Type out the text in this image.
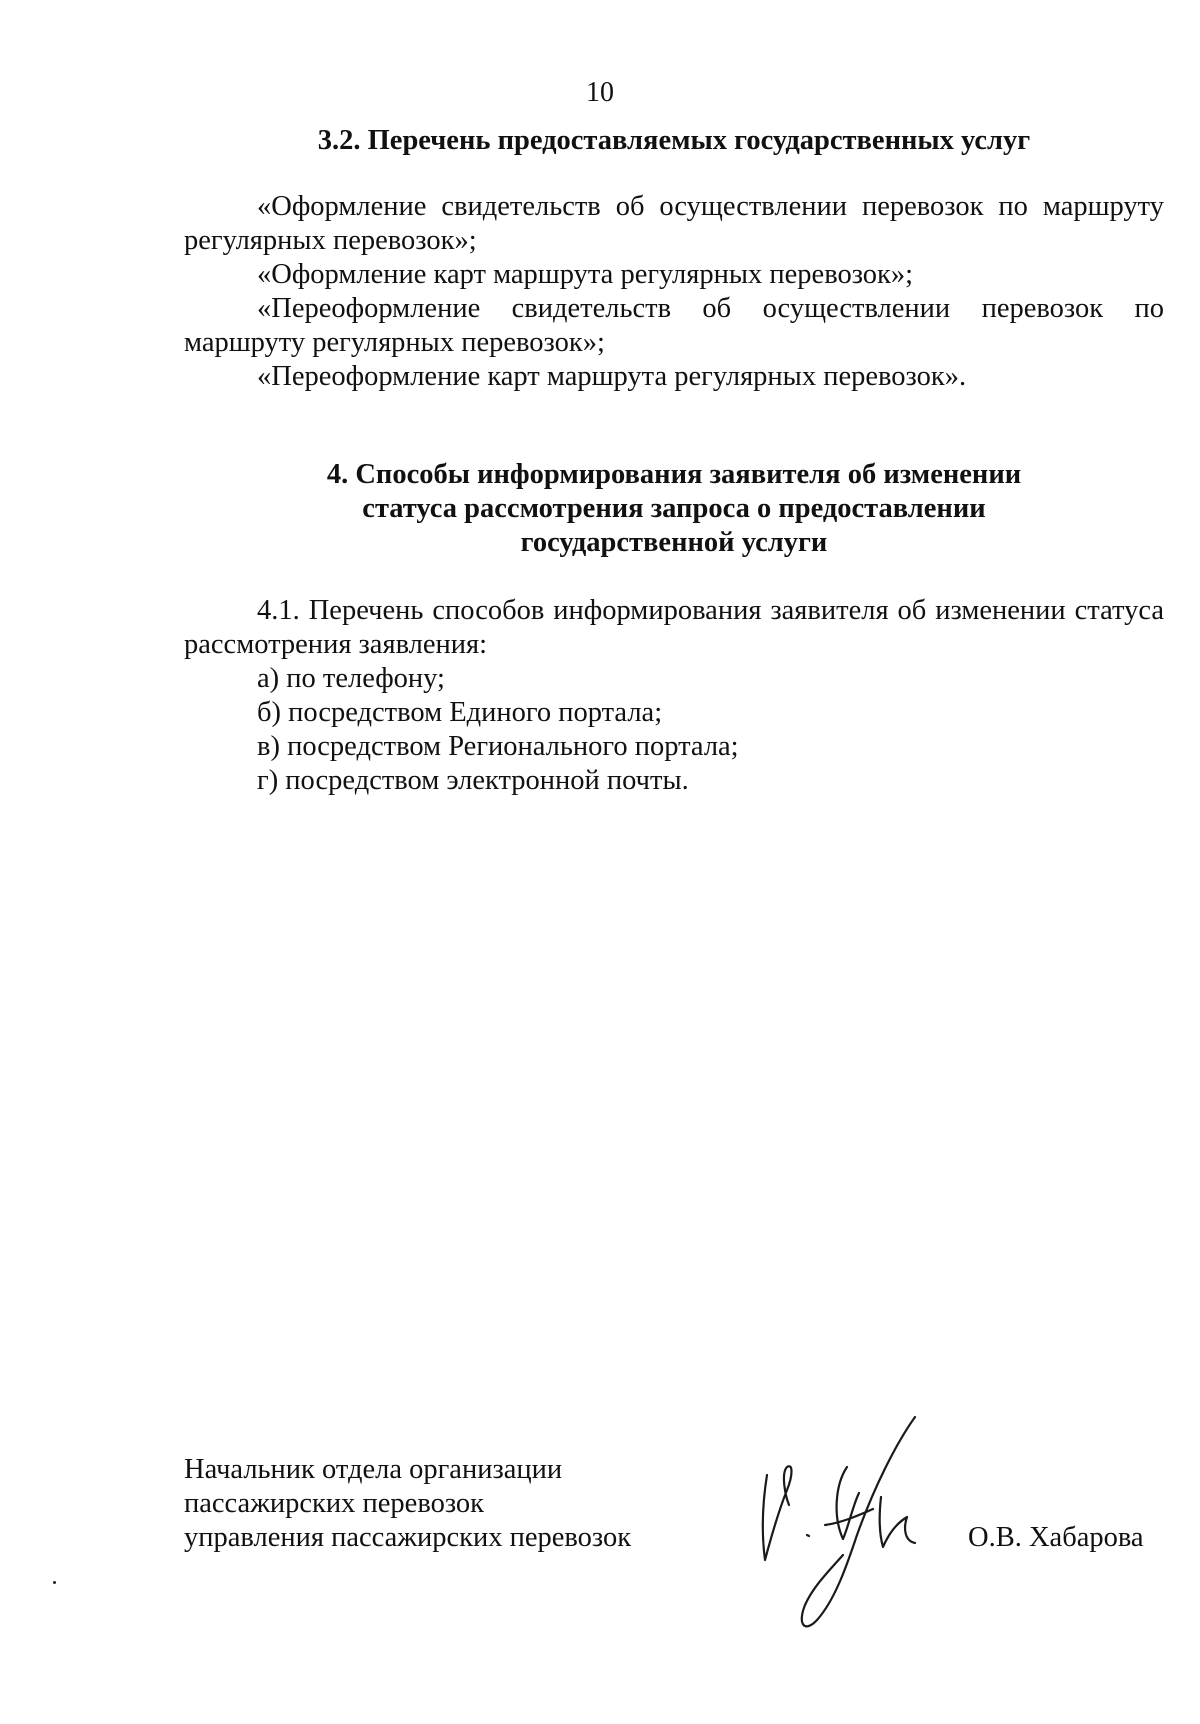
10
3.2. Перечень предоставляемых государственных услуг

«Оформление свидетельств об осуществлении перевозок по маршруту регулярных перевозок»;

«Оформление карт маршрута регулярных перевозок»;

«Переоформление свидетельств об осуществлении перевозок по маршруту регулярных перевозок»;

«Переоформление карт маршрута регулярных перевозок».

4. Способы информирования заявителя об изменении
статуса рассмотрения запроса о предоставлении
государственной услуги

4.1. Перечень способов информирования заявителя об изменении статуса рассмотрения заявления:

а) по телефону;

б) посредством Единого портала;

в) посредством Регионального портала;

г) посредством электронной почты.

Начальник отдела организации
пассажирских перевозок
управления пассажирских перевозок	О.В. Хабарова
